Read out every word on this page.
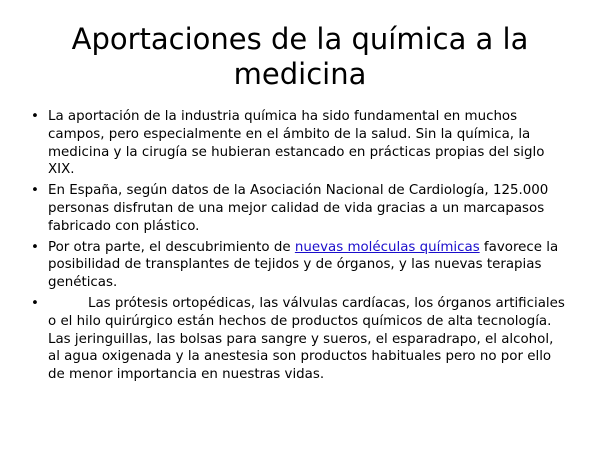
Aportaciones de la química a la medicina
• La aportación de la industria química ha sido fundamental en muchos campos, pero especialmente en el ámbito de la salud. Sin la química, la medicina y la cirugía se hubieran estancado en prácticas propias del siglo XIX.
• En España, según datos de la Asociación Nacional de Cardiología, 125.000 personas disfrutan de una mejor calidad de vida gracias a un marcapasos fabricado con plástico.
• Por otra parte, el descubrimiento de nuevas moléculas químicas favorece la posibilidad de transplantes de tejidos y de órganos, y las nuevas terapias genéticas.
•	Las prótesis ortopédicas, las válvulas cardíacas, los órganos artificiales o el hilo quirúrgico están hechos de productos químicos de alta tecnología. Las jeringuillas, las bolsas para sangre y sueros, el esparadrapo, el alcohol, al agua oxigenada y la anestesia son productos habituales pero no por ello de menor importancia en nuestras vidas.
